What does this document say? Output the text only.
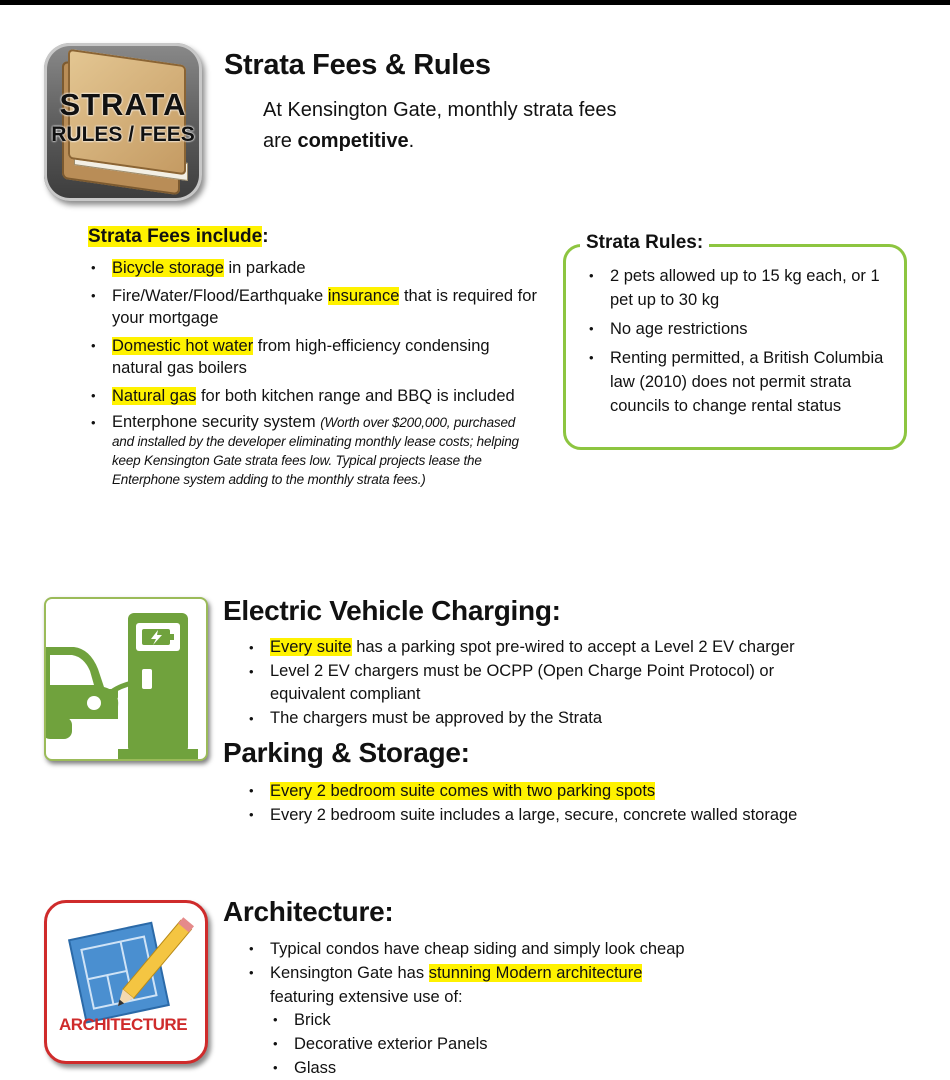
STRATA
RULES / FEES
Strata Fees & Rules
At Kensington Gate, monthly strata fees
are competitive.
Strata Fees include:
• Bicycle storage in parkade
• Fire/Water/Flood/Earthquake insurance that is required for your mortgage
• Domestic hot water from high-efficiency condensing natural gas boilers
• Natural gas for both kitchen range and BBQ is included
• Enterphone security system (Worth over $200,000, purchased and installed by the developer eliminating monthly lease costs; helping keep Kensington Gate strata fees low. Typical projects lease the Enterphone system adding to the monthly strata fees.)
Strata Rules:
• 2 pets allowed up to 15 kg each, or 1 pet up to 30 kg
• No age restrictions
• Renting permitted, a British Columbia law (2010) does not permit strata councils to change rental status
Electric Vehicle Charging:
• Every suite has a parking spot pre-wired to accept a Level 2 EV charger
• Level 2 EV chargers must be OCPP (Open Charge Point Protocol) or equivalent compliant
• The chargers must be approved by the Strata
Parking & Storage:
• Every 2 bedroom suite comes with two parking spots
• Every 2 bedroom suite includes a large, secure, concrete walled storage
ARCHITECTURE
Architecture:
• Typical condos have cheap siding and simply look cheap
• Kensington Gate has stunning Modern architecture
featuring extensive use of:
• Brick
• Decorative exterior Panels
• Glass
